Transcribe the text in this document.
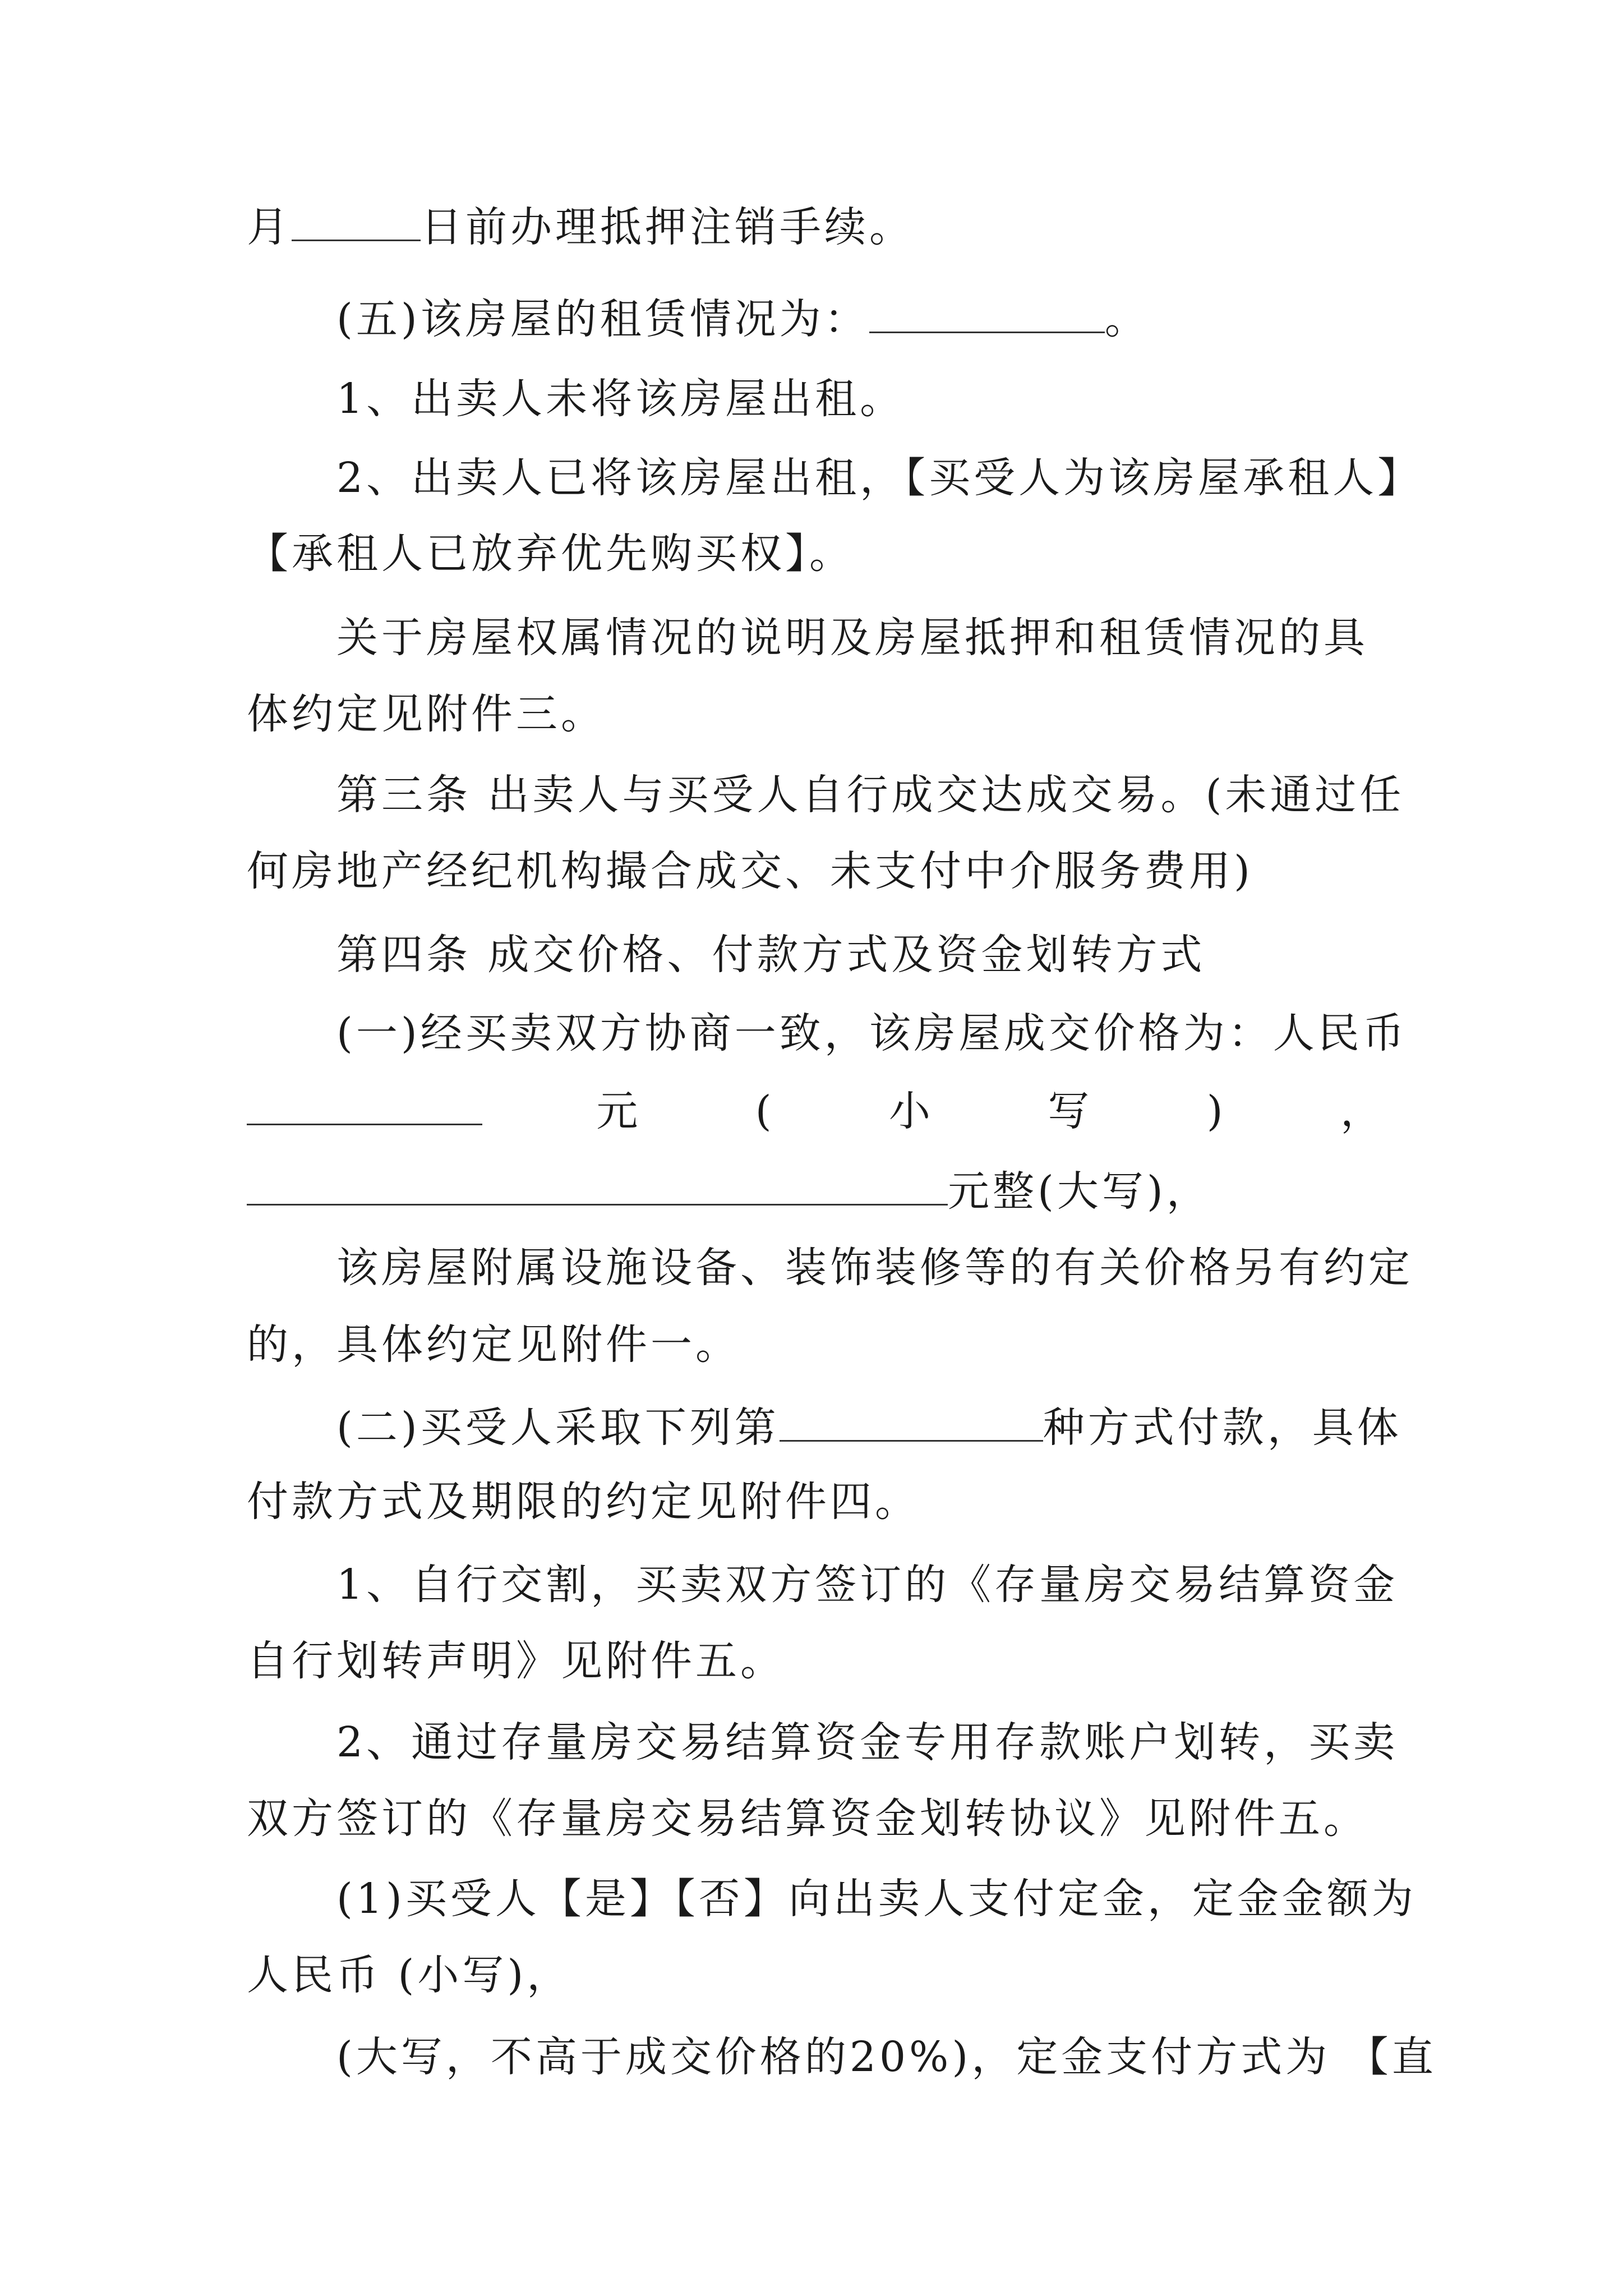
月	日前办理抵押注销手续。
(五)该房屋的租赁情况为：	。
1、出卖人未将该房屋出租。
2、出卖人已将该房屋出租，【买受人为该房屋承租人】
【承租人已放弃优先购买权】。
关于房屋权属情况的说明及房屋抵押和租赁情况的具
体约定见附件三。
第三条 出卖人与买受人自行成交达成交易。(未通过任
何房地产经纪机构撮合成交、未支付中介服务费用)
第四条 成交价格、付款方式及资金划转方式
(一)经买卖双方协商一致，该房屋成交价格为：人民币
元	(	小	写	)	，
元整(大写)，
该房屋附属设施设备、装饰装修等的有关价格另有约定
的，具体约定见附件一。
(二)买受人采取下列第	种方式付款，具体
付款方式及期限的约定见附件四。
1、自行交割，买卖双方签订的《存量房交易结算资金
自行划转声明》见附件五。
2、通过存量房交易结算资金专用存款账户划转，买卖
双方签订的《存量房交易结算资金划转协议》见附件五。
(1)买受人【是】【否】向出卖人支付定金，定金金额为
人民币 (小写)，
(大写，不高于成交价格的20%)，定金支付方式为 【直
